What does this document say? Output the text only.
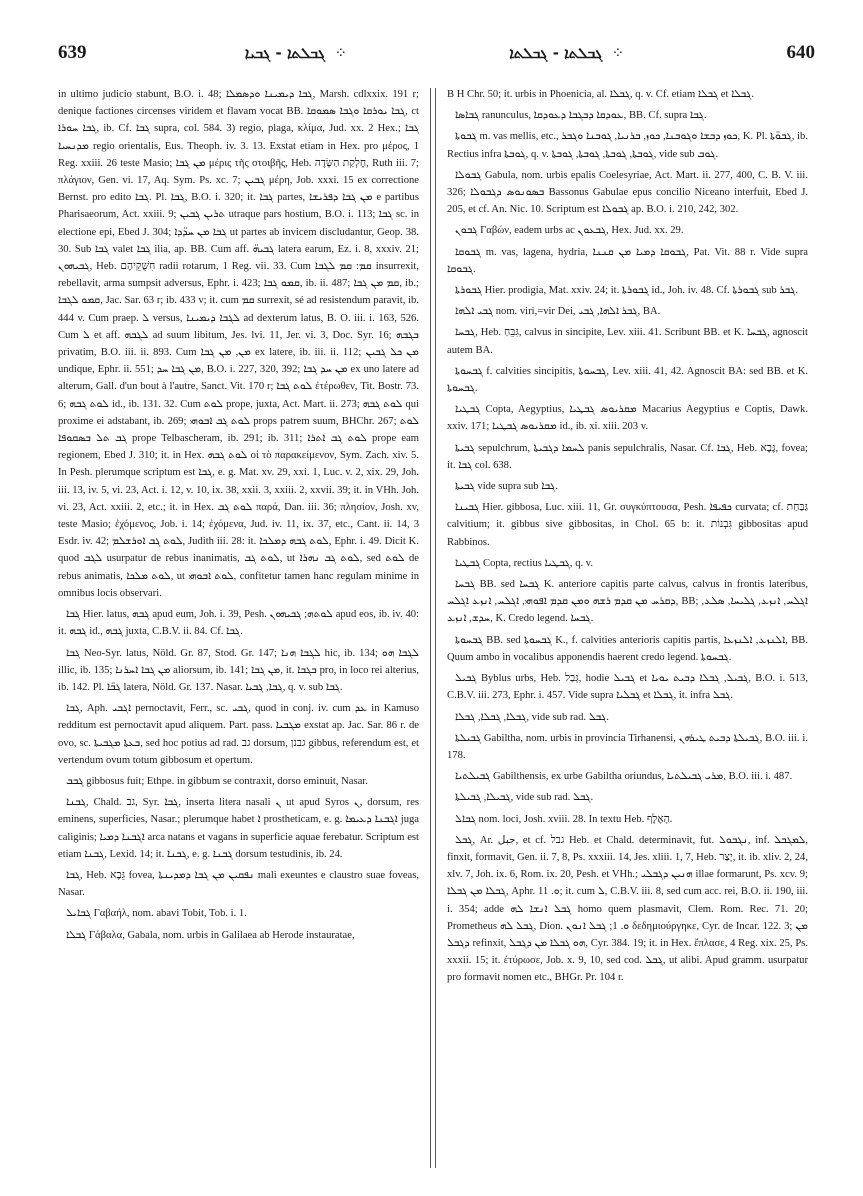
639	⁘ ܓܒܠܬܐ - ܓܒܝܐ	⁘ ܓܒܠܬܐ - ܓܒܠܬܐ	640

in ultimo judicio stabunt, B.O. i. 48; ܓܒܐ ܕܝܡܝܢܐ ܘܕܣܡܠܐ, Marsh. cdlxxix. 191 r; denique factiones circenses viridem et flavam vocat BB. ܓܒܐ ܝܘܪܩܐ ܘܓܒܐ ܣܡܘܩܐ, ct ܓܒܐ ܚܘܪܐ, ib. Cf. ܓܒܐ supra, col. 584. 3) regio, plaga, κλίμα, Jud. xx. 2 Hex.; ܓܒܐ ܡܕܢܚܝܐ regio orientalis, Eus. Theoph. iv. 3. 13. Exstat etiam in Hex. pro μέρος, 1 Reg. xxiii. 26 teste Masio; ܡܢ ܓܒܐ μέρις τῆς στοιβῆς, Heb. חֶלְקַת הַשָּׂדֶה, Ruth iii. 7; πλάγιον, Gen. vi. 17, Aq. Sym. Ps. xc. 7; ܓܒܝܢ μέρη, Job. xxxi. 15 ex correctione Bernst. pro edito ܓܒܐ. Pl. ܓܒܐ, B.O. i. 320; it. ܓܒܐ partes, ܡܢ ܓܒܐ ܕܦܪܝܫܐ e partibus Pharisaeorum, Act. xxiii. 9; ܬܪܝܢ ܓܒܝܢ utraque pars hostium, B.O. i. 113; ܓܒܐ sc. in electione epi, Ebed J. 304; ܓܒܐ ܡܢ ܚܕ̈ܕܐ ut partes ab invicem discludantur, Geop. 38. 30. Sub ܓܒܐ valet ܓܒܐ ilia, ap. BB. Cum aff. ܓܒܝܗ̈ latera earum, Ez. i. 8, xxxiv. 21; ܓܒܝܗܘܢ, Heb. חִשֻּׁקֵיהֶם radii rotarum, 1 Reg. vii. 33. Cum ܩܡ: ܩܡ ܠܓܒܐ insurrexit, rebellavit, arma sumpsit adversus, Ephr. i. 423; ܩܡܘ ܓܒܐ, ib. ii. 487; ܩܡ ܡܢ ܓܒܐ, ib.; ܩܡܘ ܠܓܒܐ, Jac. Sar. 63 r; ib. 433 v; it. cum ܩܡ surrexit, sé ad resistendum paravit, ib. 444 v. Cum praep. ܠ versus, ܠܓܒܐ ܕܝܡܝܢܐ ad dexterum latus, B. O. iii. i. 163, 526. Cum ܠ et aff. ܠܓܒܗ ad suum libitum, Jes. lvi. 11, Jer. vi. 3, Doc. Syr. 16; ܒܓܒܗ privatim, B.O. iii. ii. 893. Cum ܡܢ, ܡܢ ܓܒܐ ex latere, ib. iii. ii. 112; ܡܢ ܟܠ ܓܒܝܢ undique, Ephr. ii. 551; ܡܢ ܓܒܐ ܚܕ, B.O. i. 227, 320, 392; ܡܢ ܚܕ ܓܒܐ ex uno latere ad alterum, Gall. d'un bout à l'autre, Sanct. Vit. 170 r; ܠܘܬ ܓܒܐ ἐτέρωθεν, Tit. Bostr. 73. 6; ܠܘܬ ܓܒܗ id., ib. 131. 32. Cum ܠܘܬ prope, juxta, Act. Mart. ii. 273; ܠܘܬ ܓܒܗ qui proxime ei adstabant, ib. 269; ܠܘܬ ܓܒ ܐܒܘܗܝ props patrem suum, BHChr. 267; ܠܘܬ ܓܒ ܬܠ ܒܣܩܘܦܐ prope Telbascheram, ib. 291; ib. 311; ܠܘܬ ܓܒ ܐܬܪܐ prope eam regionem, Ebed J. 310; it. in Hex. ܠܘܬ ܓܒܗ οἱ τὸ παρακείμενον, Sym. Zach. xiv. 5. In Pesh. plerumque scriptum est ܓܒܐ, e. g. Mat. xv. 29, xxi. 1, Luc. v. 2, xix. 29, Joh. iii. 13, iv. 5, vi. 23, Act. i. 12, v. 10, ix. 38, xxii. 3, xxiii. 2, xxvii. 39; it. in VHh. Joh. vi. 23, Act. xxiii. 2, etc.; it. in Hex. ܠܘܬ ܓܒ παρά, Dan. iii. 36; πλησίον, Josh. xv, teste Masio; ἐχόμενος, Job. i. 14; ἐχόμενα, Jud. iv. 11, ix. 37, etc., Cant. ii. 14, 3 Esdr. iv. 42; ܠܘܬ ܓܒ ܐܘܪܫܠܡ, Judith iii. 28: it. ܠܘܬ ܓܒܗ ܕܡܠܟܐ, Ephr. i. 49. Dicit K. quod ܠܓܒ usurpatur de rebus inanimatis, ܠܘܬ ܓܒ, ut ܠܘܬ ܓܒ ܢܗܪܐ, sed ܠܘܬ de rebus animatis, ܠܘܬ ܡܠܟܐ, ut ܠܘܬ ܐܒܘܗܝ, confitetur tamen hanc regulam minime in omnibus locis observari.

ܓܒܐ Hier. latus, ܓܒܗ apud eum, Joh. i. 39, Pesh. ܠܘܬܗ; ܓܒܝܗܘܢ apud eos, ib. iv. 40: it. ܓܒܗ id., ܓܒܗ juxta, C.B.V. ii. 84. Cf. ܓܒܐ.

ܓܒܐ Neo-Syr. latus, Nöld. Gr. 87, Stod. Gr. 147; ܠܓܒܐ ܗܢܐ hic, ib. 134; ܠܓܒܐ ܗܘ illic, ib. 135; ܡܢ ܓܒܐ ܐܚܪܢܐ aliorsum, ib. 141; ܡܢ ܓܒܐ, it. ܒܓܒܐ pro, in loco rei alterius, ib. 142. Pl. ܓܒ̈ܐ latera, Nöld. Gr. 137. Nasar. ܓܒܐ, ܓܒܝܐ, q. v. sub ܓܒܐ.

ܓܒܐ, Aph. ܐܓܒܝ pernoctavit, Ferr., sc. ܓܒܝ, quod in conj. iv. cum ܥܕ in Kamuso redditum est pernoctavit apud aliquem. Part. pass. ܡܓܒܝܐ exstat ap. Jac. Sar. 86 r. de ovo, sc. ܒܥܬܐ ܡܓܒܝܬܐ, sed hoc potius ad rad. גב dorsum, גבנן gibbus, referendum est, et vertendum ovum totum gibbosum et opertum.

ܓܒܒ gibbosus fuit; Ethpe. in gibbum se contraxit, dorso eminuit, Nasar.

ܓܒܢܐ, Chald. גב, Syr. ܓܒܐ, inserta litera nasali ܢ ut apud Syros ܢ, dorsum, res eminens, superficies, Nasar.; plerumque habet ܐ prostheticam, e. g. ܐܓܒܢܐ ܕܥܝܡܐ juga caliginis; ܐܓܒܢܐ ܕܡܝܐ arca natans et vagans in superficie aquae ferebatur. Scriptum est etiam ܓܒܢܐ, Lexid. 14; it. ܓܒܢܐ, e. g. ܓܒܢܐ dorsum testudinis, ib. 24.

ܓܒܐ, Heb. גֵּבֶא fovea, ܢܦܩܝܢ ܡܢ ܓܒܐ ܕܡܕܝܢܬܐ mali exeuntes e claustro suae foveas, Nasar.

ܓܒܐܝܠ Γαβαήλ, nom. abavi Tobit, Tob. i. 1.

ܓܒܠܐ Γάβαλα, Gabala, nom. urbis in Galilaea ab Herode instauratae,

B H Chr. 50; it. urbis in Phoenicia, al. ܓܒܠܐ, q. v. Cf. etiam ܓܒܠܐ et ܓܒܠܐ.

ܓܒܐܣܐ ranunculus, ܥܘܕܩܐ ܕܒܓܒܐ ܕܥܘܕܩܐ, BB. Cf. supra ܓܒܐ.

ܓܒܘܬܐ m. vas mellis, etc., ܟܘܙ ܕܒܫܐ ܘܓܘܒܢܐ, ܟܘܙ, ܒܪܢܝܐ, ܓܘܒܢܐ ܘܓܒܪ, K. Pl. ܓܒܘ̈ܬܐ, ib. Rectius infra ܓܘܒܬܐ, q. v. ܓܘܒܬܐ, ܓܘܒܬܐ, ܓܘܒܬܐ, ܓܘܒܬܐ, vide sub ܓܘܒ.

ܓܒܘܠܐ Gabula, nom. urbis epalis Coelesyriae, Act. Mart. ii. 277, 400, C. B. V. iii. 326; ܒܣܘܢܘܣ ܕܓܒܘܠܐ Bassonus Gabulae epus concilio Niceano interfuit, Ebed J. 205, et cf. An. Nic. 10. Scriptum est ܓܒܘܠܐ ap. B.O. i. 210, 242, 302.

ܓܒܘܢ Γαβών, eadem urbs ac ܓܒܥܘܢ, Hex. Jud. xx. 29.

ܓܒܘܩܐ m. vas, lagena, hydria, ܓܒܘܩܐ ܕܡܝܐ ܡܢ ܩܢܢܐ, Pat. Vit. 88 r. Vide supra ܓܒܘܩܐ.

ܓܒܘܪܬܐ Hier. prodigia, Mat. xxiv. 24; it. ܓܒܘܪܬܐ id., Joh. iv. 48. Cf. ܓܒܘܪܬܐ sub ܓܒܪ.

ܓܒܝ ܐܠܗܐ nom. viri,=vir Dei, ܓܒܪ ܐܠܗܐ, ܓܒܝ, BA.

ܓܒܚܐ, Heb. גִּבֵּחַ, calvus in sincipite, Lev. xiii. 41. Scribunt BB. et K. ܓܒܚܐ, agnoscit autem BA.

ܓܒܚܘܬܐ f. calvities sincipitis, ܓܒܚܘܬܐ, Lev. xiii. 41, 42. Agnoscit BA: sed BB. et K. ܓܒܚܘܬܐ.

ܓܒܛܝܐ Copta, Aegyptius, ܡܩܪܝܘܣ ܓܒܛܝܐ Macarius Aegyptius e Coptis, Dawk. xxiv. 171; ܡܩܪܝܘܣ ܓܒܛܝܐ id., ib. xi. xiii. 203 v.

ܓܒܝܬܐ sepulchrum, ܠܚܡܐ ܕܓܒܝܬܐ panis sepulchralis, Nasar. Cf. ܓܒܐ, Heb. גֶּבֶא, fovea; it. ܓܒܐ col. 638.

ܓܒܝܬܐ vide supra sub ܓܒܐ.

ܓܒܝܢܐ Hier. gibbosa, Luc. xiii. 11, Gr. συγκύπτουσα, Pesh. ܟܦܝܦܐ curvata; cf. גַּבַּחַת calvitium; it. gibbus sive gibbositas, in Chol. 65 b: it. גִּבְנוֹת gibbositas apud Rabbinos.

ܓܒܛܝܐ Copta, rectius ܓܒܛܝܐ, q. v.

ܓܒܚܐ BB. sed ܓܒܚܐ K. anteriore capitis parte calvus, calvus in frontis lateribus, ܕܩܪܚ ܡܢ ܩܕܡ ܪܫܗ ܘܡܢ ܩܕܡ ܐܦܘܗܝ, ܐܓܠܚ, ܐܢܙܥ ܐܓܠܚ, BB; ܐܓܠܚ, ܐܢܙܥ, ܓܠܝܚܐ, ܣܠܥ, ܚܕܫ, ܐܢܙܥ, K. Credo legend. ܓܒܚܐ.

ܓܒܚܘܬܐ BB. sed ܓܒܚܘܬܐ K., f. calvities anterioris capitis partis, ܐܠܢܙܥ, ܐܠܢܙܥܐ, BB. Quum ambo in vocalibus apponendis haerent credo legend. ܓܒܚܘܬܐ.

ܓܒܝܠ Byblus urbs, Heb. גְּבַל, hodie ܓܒܝܠ et ܓܒܝܠ, ܓܒܠܐ ܕܒܝܬ ܝܘܝܐ, B.O. i. 513, C.B.V. iii. 273, Ephr. i. 457. Vide supra ܓܒܠܝܐ et ܓܒܠܐ, it. infra ܓܒܠ.

ܓܒܠܐ, ܓܒܠܐ, ܓܒܠܐ, vide sub rad. ܓܒܠ.

ܓܒܝܠܬܐ Gabiltha, nom. urbis in provincia Tirhanensi, ܓܒܝܠܬܐ ܕܒܝܬ ܛܝܪܗܢ, B.O. iii. i. 178.

ܓܒܝܠܬܝܐ Gabilthensis, ex urbe Gabiltha oriundus, ܡܪܝ ܓܒܝܠܬܝܐ, B.O. iii. i. 487.

ܓܒܝܠܐ, ܓܒܝܠܬܐ, vide sub rad. ܓܒܠ.

ܓܒܐܠ nom. loci, Josh. xviii. 28. In textu Heb. הָאֶלֶף.

ܓܒܠ, Ar. جبل, et cf. גבל Heb. et Chald. determinavit, fut. ܢܓܒܘܠ, inf. ܠܡܓܒܠ, finxit, formavit, Gen. ii. 7, 8, Ps. xxxiii. 14, Jes. xliii. 1, 7, Heb. יָצַר, it. ib. xliv. 2, 24, xlv. 7, Joh. ix. 6, Rom. ix. 20, Pesh. et VHh.; ܗܢܝܢ ܕܓܒܠܝ illae formarunt, Ps. xcv. 9; ܓܒܠܐ ܡܢ ܓܒܠܐ, Aphr. ܘ. 11; it. cum ܠ, C.B.V. iii. 8, sed cum acc. rei, B.O. ii. 190, iii. i. 354; adde ܓܒܠ ܐܢܫܐ ܠܗ homo quem plasmavit, Clem. Rom. Rec. 71. 20; Prometheus ܓܒܠ ܠܗ, Dion. ܘ. 1; ܓܒܠ ܐܢܘܢ δεδημιούργηκε, Cyr. de Incar. 122. 3; ܡܢ ܕܓܒܠ refinxit, ܗܘ ܓܒܠܐ ܡܢ ܕܓܒܠ, Cyr. 384. 19; it. in Hex. ἔπλασε, 4 Reg. xix. 25, Ps. xxxii. 15; it. ἐτύρωσε, Job. x. 9, 10, sed cod. ܓܒܠ, ut alibi. Apud gramm. usurpatur pro formavit nomen etc., BHGr. Pr. 104 r.
